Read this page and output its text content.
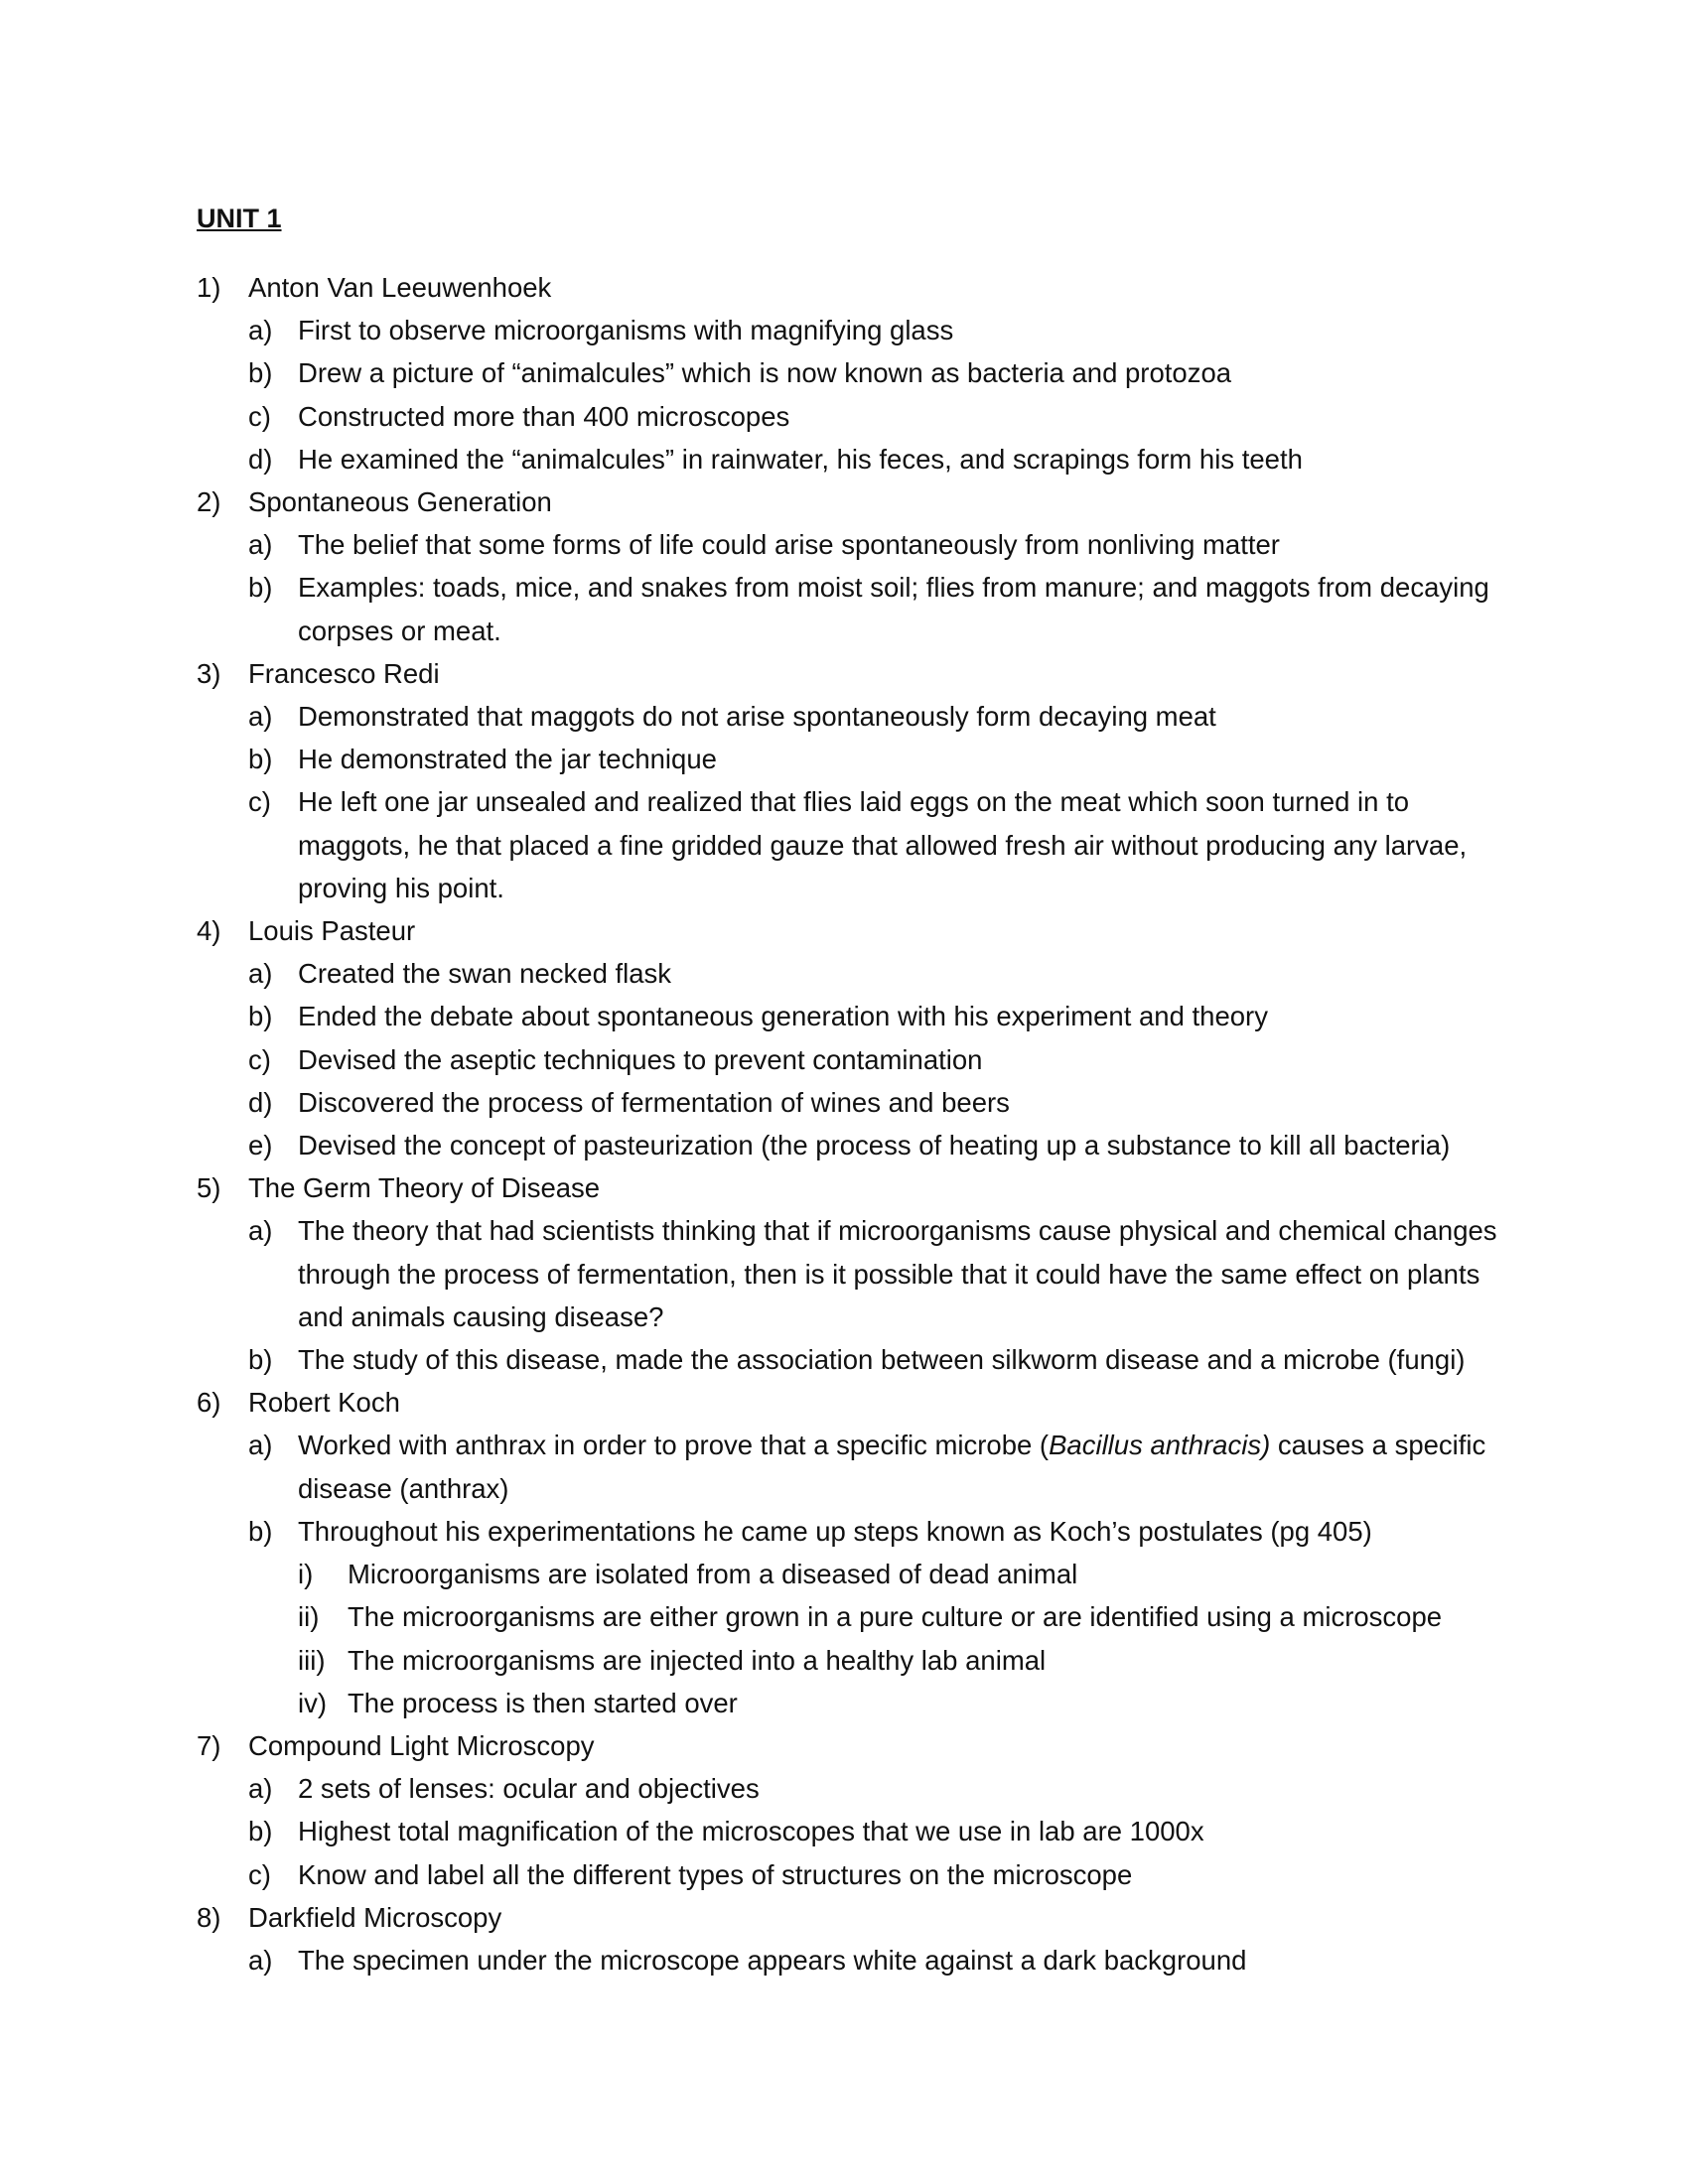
UNIT 1
1)	Anton Van Leeuwenhoek
a) First to observe microorganisms with magnifying glass
b) Drew a picture of “animalcules” which is now known as bacteria and protozoa
c) Constructed more than 400 microscopes
d) He examined the “animalcules” in rainwater, his feces, and scrapings form his teeth
2)	Spontaneous Generation
a) The belief that some forms of life could arise spontaneously from nonliving matter
b) Examples: toads, mice, and snakes from moist soil; flies from manure; and maggots from decaying corpses or meat.
3)	Francesco Redi
a) Demonstrated that maggots do not arise spontaneously form decaying meat
b) He demonstrated the jar technique
c) He left one jar unsealed and realized that flies laid eggs on the meat which soon turned in to maggots, he that placed a fine gridded gauze that allowed fresh air without producing any larvae, proving his point.
4)	Louis Pasteur
a) Created the swan necked flask
b) Ended the debate about spontaneous generation with his experiment and theory
c) Devised the aseptic techniques to prevent contamination
d) Discovered the process of fermentation of wines and beers
e) Devised the concept of pasteurization (the process of heating up a substance to kill all bacteria)
5)	The Germ Theory of Disease
a) The theory that had scientists thinking that if microorganisms cause physical and chemical changes through the process of fermentation, then is it possible that it could have the same effect on plants and animals causing disease?
b) The study of this disease, made the association between silkworm disease and a microbe (fungi)
6)	Robert Koch
a) Worked with anthrax in order to prove that a specific microbe (Bacillus anthracis) causes a specific disease (anthrax)
b) Throughout his experimentations he came up steps known as Koch’s postulates (pg 405)
i)	Microorganisms are isolated from a diseased of dead animal
ii)	The microorganisms are either grown in a pure culture or are identified using a microscope
iii) The microorganisms are injected into a healthy lab animal
iv) The process is then started over
7)	Compound Light Microscopy
a) 2 sets of lenses: ocular and objectives
b) Highest total magnification of the microscopes that we use in lab are 1000x
c) Know and label all the different types of structures on the microscope
8)	Darkfield Microscopy
a) The specimen under the microscope appears white against a dark background
